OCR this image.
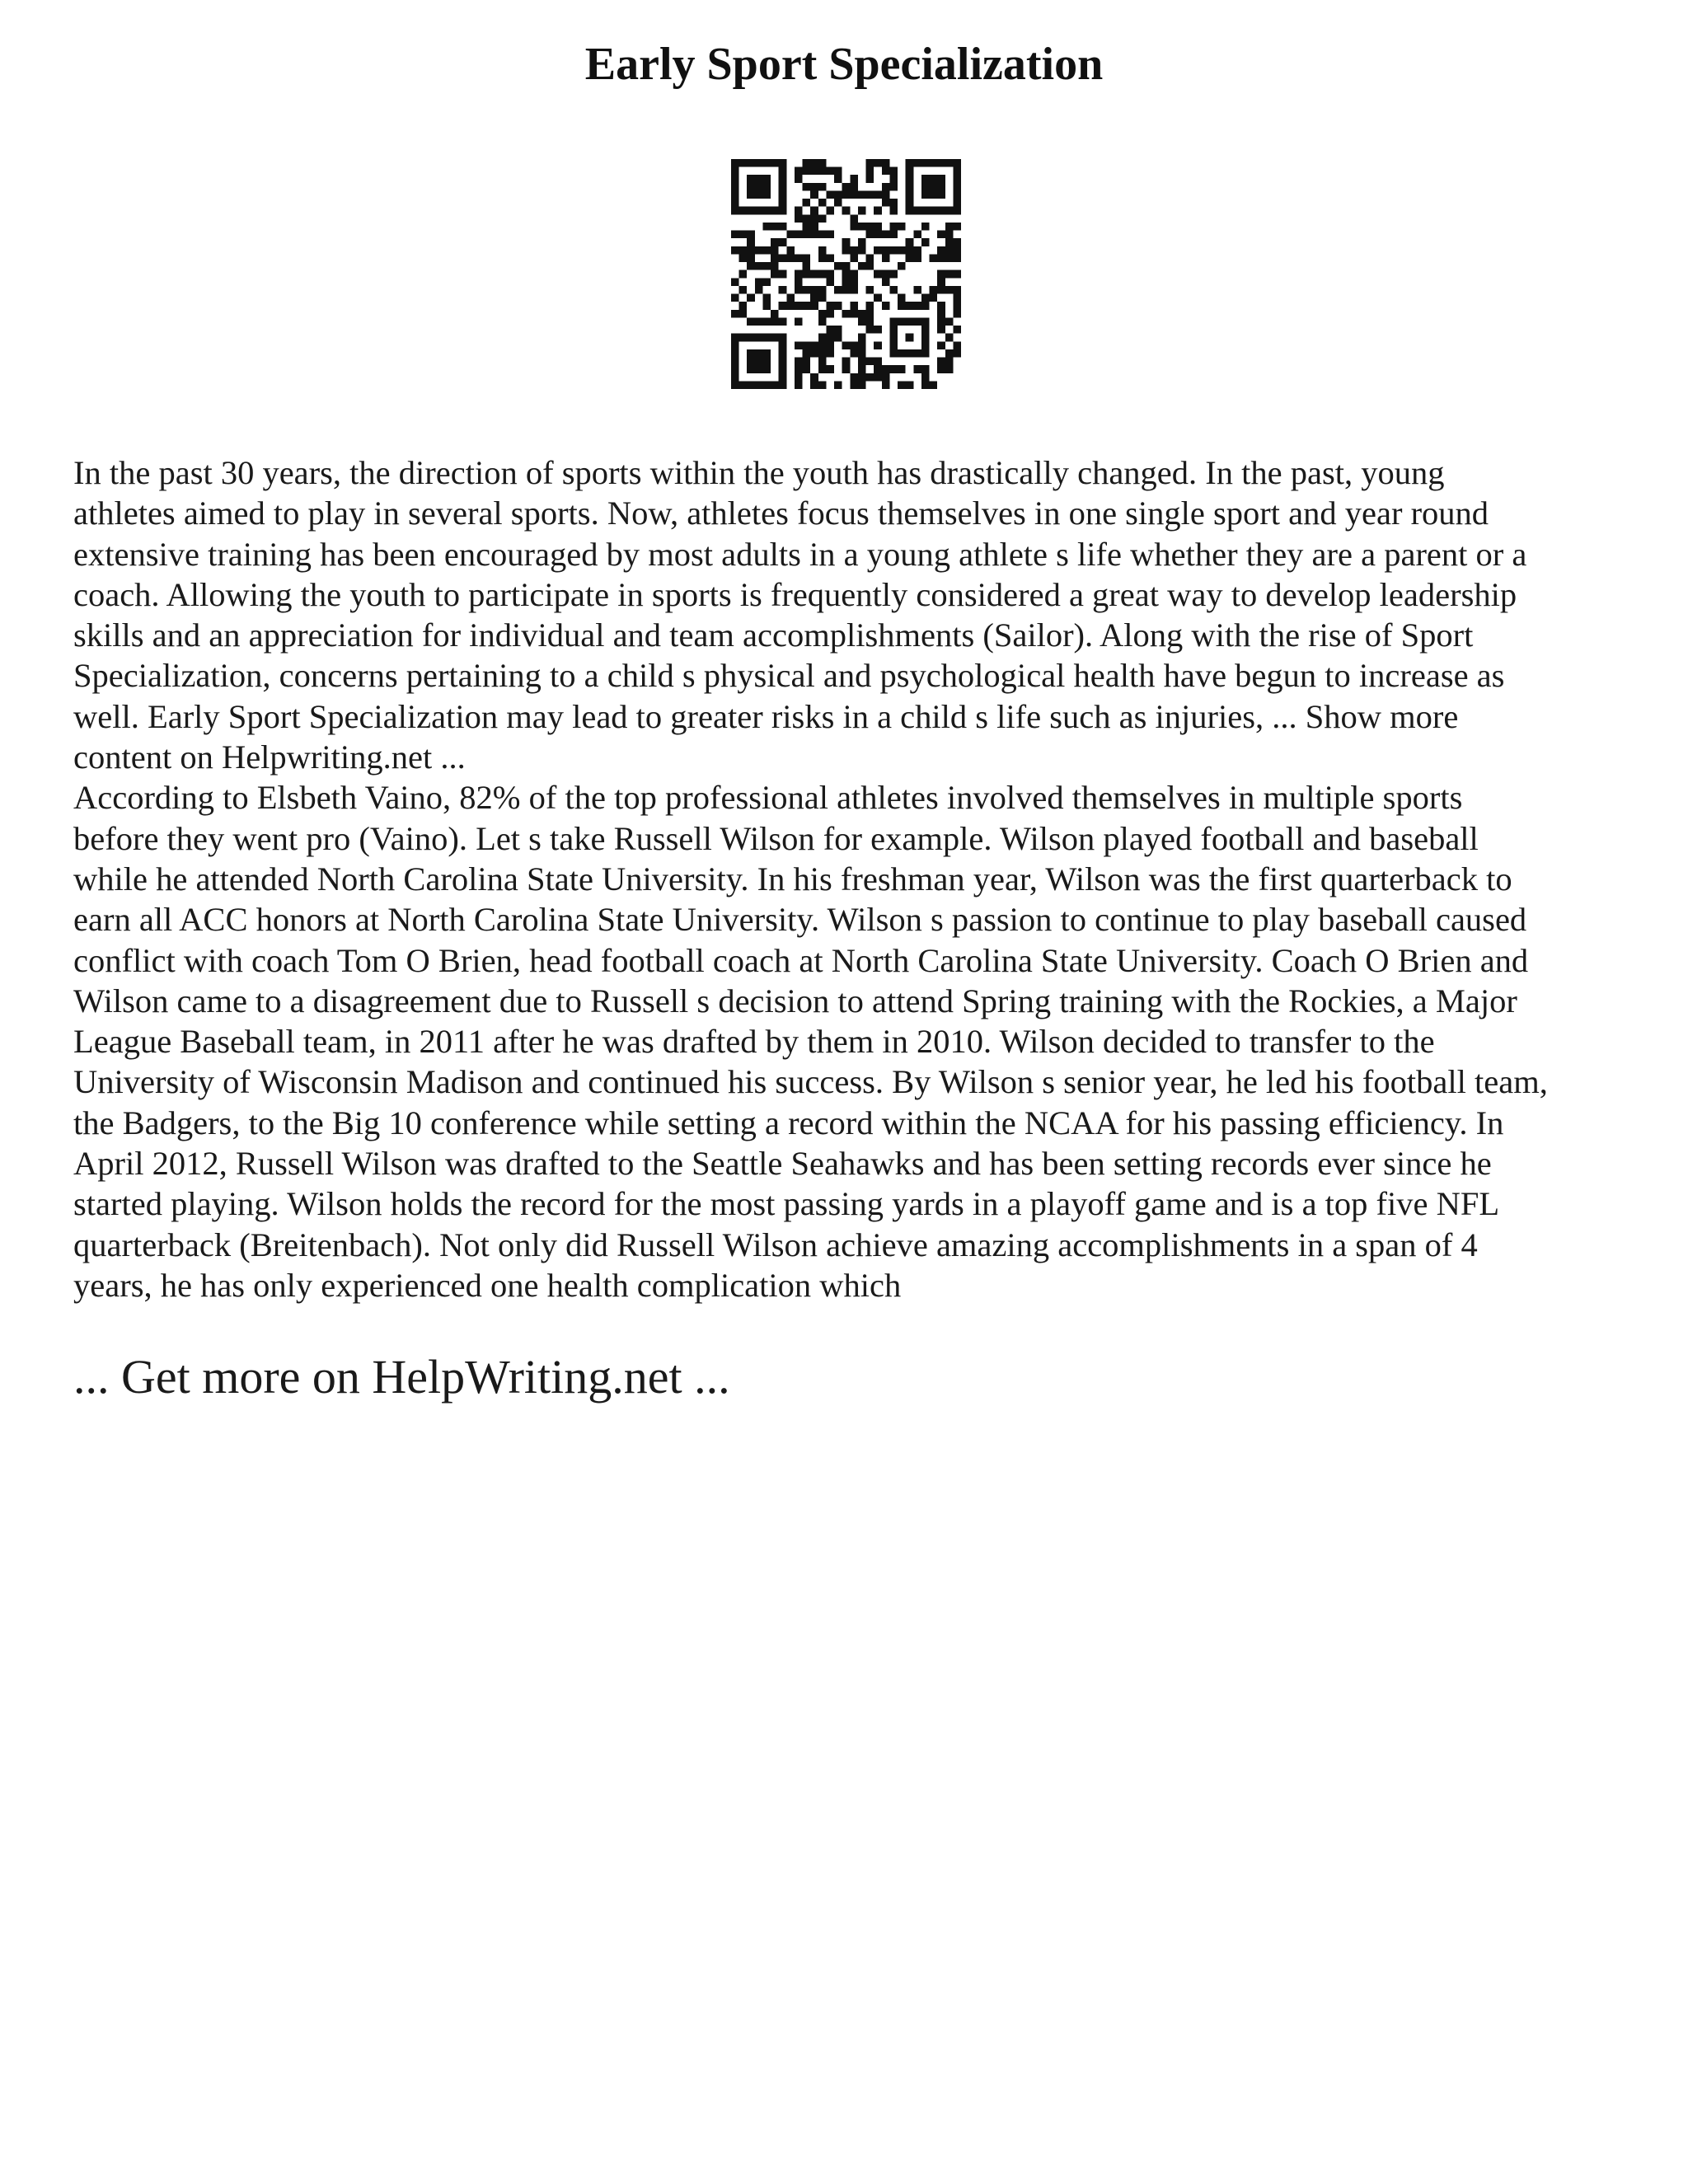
Early Sport Specialization

In the past 30 years, the direction of sports within the youth has drastically changed. In the past, young
athletes aimed to play in several sports. Now, athletes focus themselves in one single sport and year round
extensive training has been encouraged by most adults in a young athlete s life whether they are a parent or a
coach. Allowing the youth to participate in sports is frequently considered a great way to develop leadership
skills and an appreciation for individual and team accomplishments (Sailor). Along with the rise of Sport
Specialization, concerns pertaining to a child s physical and psychological health have begun to increase as
well. Early Sport Specialization may lead to greater risks in a child s life such as injuries, ... Show more
content on Helpwriting.net ...

According to Elsbeth Vaino, 82% of the top professional athletes involved themselves in multiple sports
before they went pro (Vaino). Let s take Russell Wilson for example. Wilson played football and baseball
while he attended North Carolina State University. In his freshman year, Wilson was the first quarterback to
earn all ACC honors at North Carolina State University. Wilson s passion to continue to play baseball caused
conflict with coach Tom O Brien, head football coach at North Carolina State University. Coach O Brien and
Wilson came to a disagreement due to Russell s decision to attend Spring training with the Rockies, a Major
League Baseball team, in 2011 after he was drafted by them in 2010. Wilson decided to transfer to the
University of Wisconsin Madison and continued his success. By Wilson s senior year, he led his football team,
the Badgers, to the Big 10 conference while setting a record within the NCAA for his passing efficiency. In
April 2012, Russell Wilson was drafted to the Seattle Seahawks and has been setting records ever since he
started playing. Wilson holds the record for the most passing yards in a playoff game and is a top five NFL
quarterback (Breitenbach). Not only did Russell Wilson achieve amazing accomplishments in a span of 4
years, he has only experienced one health complication which

... Get more on HelpWriting.net ...
